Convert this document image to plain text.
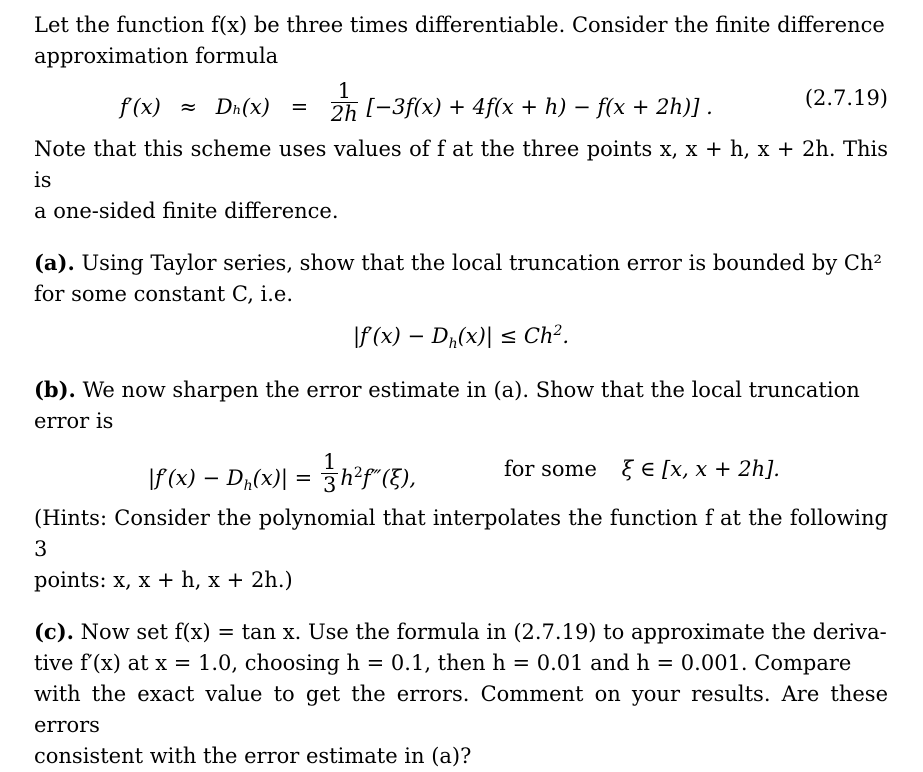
Let the function f(x) be three times differentiable. Consider the finite difference

approximation formula

$f'(x) \approx D_h(x) = \frac{1}{2h} [-3f(x) + 4f(x + h) - f(x + 2h)]$ .	(2.7.19)

Note that this scheme uses values of f at the three points x, x + h, x + 2h. This is

a one-sided finite difference.

(a). Using Taylor series, show that the local truncation error is bounded by Ch²

for some constant C, i.e.

$|f'(x) - D_h(x)| \le Ch^2$.

(b). We now sharpen the error estimate in (a). Show that the local truncation

error is

$|f'(x) - D_h(x)| = \frac{1}{3}$ $h^2f‴(\xi)$,	for some ξ ∈ [x, x + 2h].

(Hints: Consider the polynomial that interpolates the function f at the following 3

points: x, x + h, x + 2h.)

(c). Now set f(x) = tan x. Use the formula in (2.7.19) to approximate the deriva-

tive f′(x) at x = 1.0, choosing h = 0.1, then h = 0.01 and h = 0.001. Compare

with the exact value to get the errors. Comment on your results. Are these errors

consistent with the error estimate in (a)?
